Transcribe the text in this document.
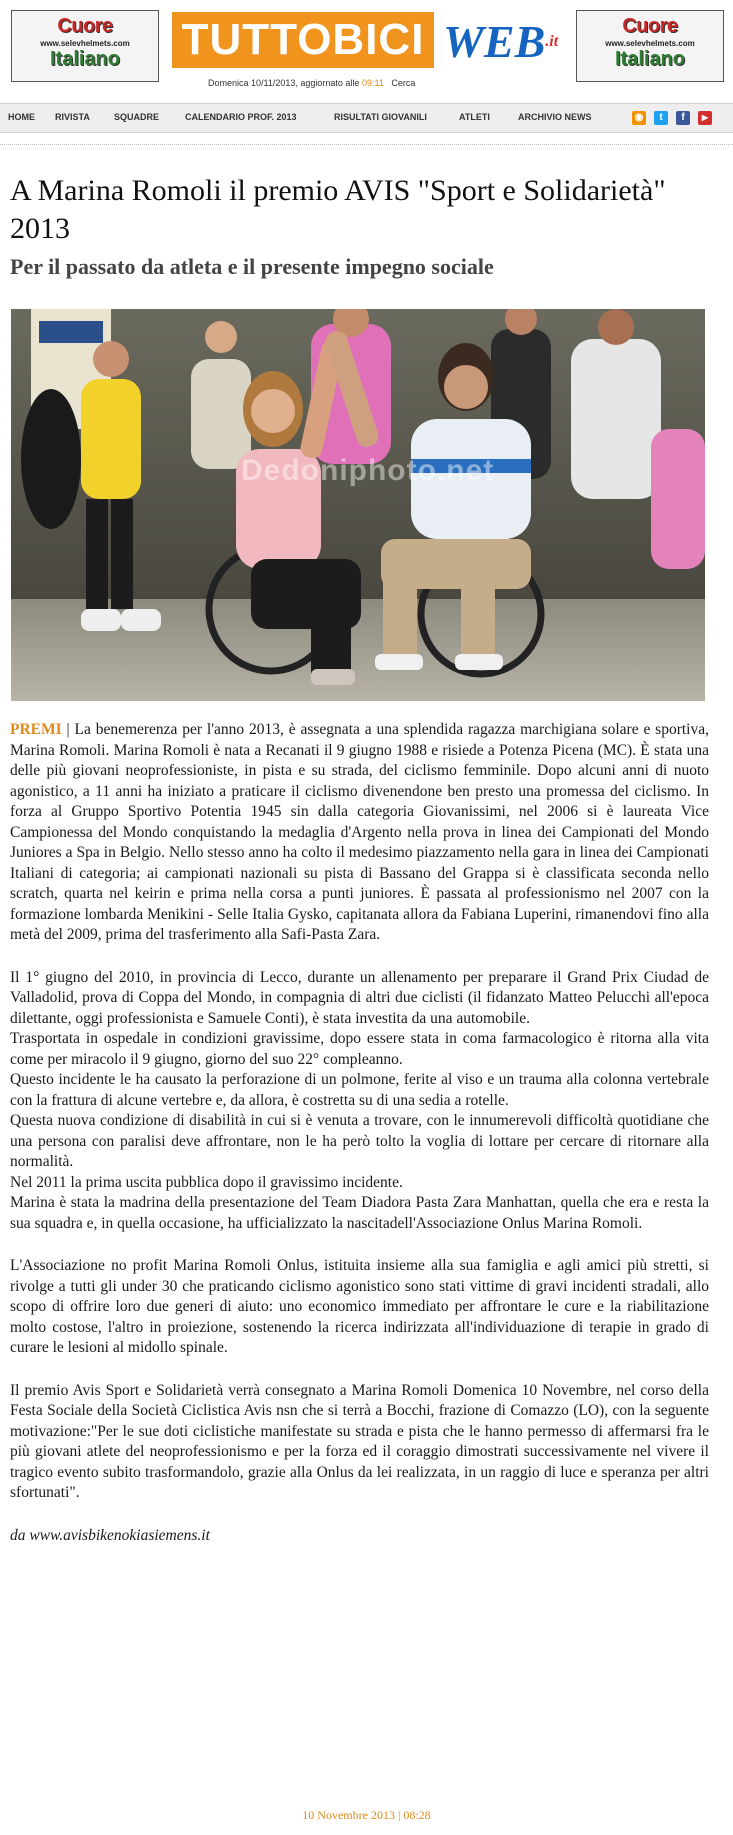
Cuore
www.selevhelmets.com
Italiano	TUTTOBICI WEB.it
Domenica 10/11/2013, aggiornato alle 09:11 Cerca
Cuore
www.selevhelmets.com
Italiano
HOME RIVISTA	SQUADRE	CALENDARIO PROF. 2013	RISULTATI GIOVANILI	ATLETI	ARCHIVIO NEWS	◉	t	f	▶
A Marina Romoli il premio AVIS "Sport e Solidarietà" 2013
Per il passato da atleta e il presente impegno sociale
Dedoniphoto.net

PREMI | La benemerenza per l'anno 2013, è assegnata a una splendida ragazza marchigiana solare e sportiva, Marina Romoli. Marina Romoli è nata a Recanati il 9 giugno 1988 e risiede a Potenza Picena (MC). È stata una delle più giovani neoprofessioniste, in pista e su strada, del ciclismo femminile. Dopo alcuni anni di nuoto agonistico, a 11 anni ha iniziato a praticare il ciclismo divenendone ben presto una promessa del ciclismo. In forza al Gruppo Sportivo Potentia 1945 sin dalla categoria Giovanissimi, nel 2006 si è laureata Vice Campionessa del Mondo conquistando la medaglia d'Argento nella prova in linea dei Campionati del Mondo Juniores a Spa in Belgio. Nello stesso anno ha colto il medesimo piazzamento nella gara in linea dei Campionati Italiani di categoria; ai campionati nazionali su pista di Bassano del Grappa si è classificata seconda nello scratch, quarta nel keirin e prima nella corsa a punti juniores. È passata al professionismo nel 2007 con la formazione lombarda Menikini - Selle Italia Gysko, capitanata allora da Fabiana Luperini, rimanendovi fino alla metà del 2009, prima del trasferimento alla Safi-Pasta Zara.

Il 1° giugno del 2010, in provincia di Lecco, durante un allenamento per preparare il Grand Prix Ciudad de Valladolid, prova di Coppa del Mondo, in compagnia di altri due ciclisti (il fidanzato Matteo Pelucchi all'epoca dilettante, oggi professionista e Samuele Conti), è stata investita da una automobile.

Trasportata in ospedale in condizioni gravissime, dopo essere stata in coma farmacologico è ritorna alla vita come per miracolo il 9 giugno, giorno del suo 22° compleanno.

Questo incidente le ha causato la perforazione di un polmone, ferite al viso e un trauma alla colonna vertebrale con la frattura di alcune vertebre e, da allora, è costretta su di una sedia a rotelle.

Questa nuova condizione di disabilità in cui si è venuta a trovare, con le innumerevoli difficoltà quotidiane che una persona con paralisi deve affrontare, non le ha però tolto la voglia di lottare per cercare di ritornare alla normalità.

Nel 2011 la prima uscita pubblica dopo il gravissimo incidente.

Marina è stata la madrina della presentazione del Team Diadora Pasta Zara Manhattan, quella che era e resta la sua squadra e, in quella occasione, ha ufficializzato la nascitadell'Associazione Onlus Marina Romoli.

L'Associazione no profit Marina Romoli Onlus, istituita insieme alla sua famiglia e agli amici più stretti, si rivolge a tutti gli under 30 che praticando ciclismo agonistico sono stati vittime di gravi incidenti stradali, allo scopo di offrire loro due generi di aiuto: uno economico immediato per affrontare le cure e la riabilitazione molto costose, l'altro in proiezione, sostenendo la ricerca indirizzata all'individuazione di terapie in grado di curare le lesioni al midollo spinale.

Il premio Avis Sport e Solidarietà verrà consegnato a Marina Romoli Domenica 10 Novembre, nel corso della Festa Sociale della Società Ciclistica Avis nsn che si terrà a Bocchi, frazione di Comazzo (LO), con la seguente motivazione:"Per le sue doti ciclistiche manifestate su strada e pista che le hanno permesso di affermarsi fra le più giovani atlete del neoprofessionismo e per la forza ed il coraggio dimostrati successivamente nel vivere il tragico evento subito trasformandolo, grazie alla Onlus da lei realizzata, in un raggio di luce e speranza per altri sfortunati".

da www.avisbikenokiasiemens.it

10 Novembre 2013 | 08:28
